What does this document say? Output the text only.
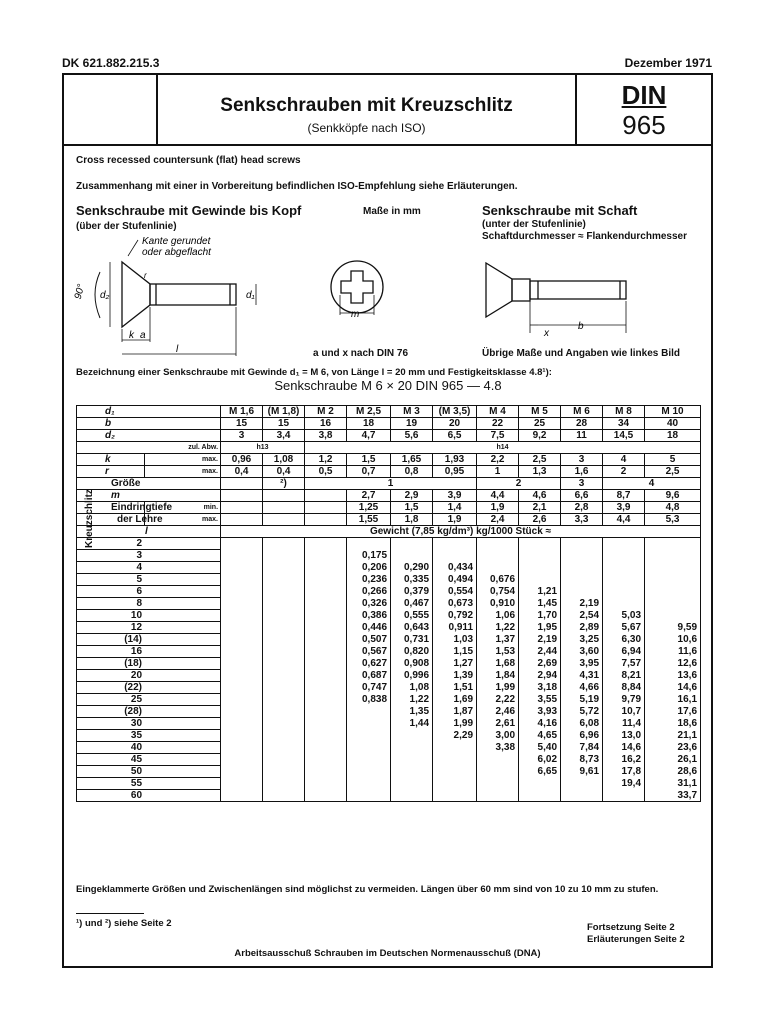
DK 621.882.215.3	Dezember 1971
Senkschrauben mit Kreuzschlitz
(Senkköpfe nach ISO)
DIN
965
Cross recessed countersunk (flat) head screws
Zusammenhang mit einer in Vorbereitung befindlichen ISO-Empfehlung siehe Erläuterungen.
Senkschraube mit Gewinde bis Kopf
(über der Stufenlinie)
Maße in mm	Senkschraube mit Schaft
(unter der Stufenlinie)
Schaftdurchmesser ≈ Flankendurchmesser
90° d₂	d₁
k a
l
r
Kante gerundet
oder abgeflacht
m
a und x nach DIN 76
x
b
Übrige Maße und Angaben wie linkes Bild
Bezeichnung einer Senkschraube mit Gewinde d₁ = M 6, von Länge l = 20 mm und Festigkeitsklasse 4.8¹):
Senkschraube M 6 × 20 DIN 965 — 4.8
d₁		M 1,6	(M 1,8)	M 2	M 2,5	M 3	(M 3,5)	M 4	M 5	M 6	M 8	M 10
b		15	15	16	18	19	20	22	25	28	34	40
d₂		3	3,4	3,8	4,7	5,6	6,5	7,5	9,2	11	14,5	18
zul. Abw.		h13		h14								
k	max.	0,96	1,08	1,2	1,5	1,65	1,93	2,2	2,5	3	4	5
r	max.	0,4	0,4	0,5	0,7	0,8	0,95	1	1,3	1,6	2	2,5
Größe			²)	1				2		3	4	
m					2,7	2,9	3,9	4,4	4,6	6,6	8,7	9,6
Eindringtiefe	min.				1,25	1,5	1,4	1,9	2,1	2,8	3,9	4,8
der Lehre	max.				1,55	1,8	1,9	2,4	2,6	3,3	4,4	5,3
l		Gewicht (7,85 kg/dm³) kg/1000 Stück ≈										
2												
3					0,175							
4					0,206	0,290	0,434					
5					0,236	0,335	0,494	0,676				
6					0,266	0,379	0,554	0,754	1,21			
8					0,326	0,467	0,673	0,910	1,45	2,19		
10					0,386	0,555	0,792	1,06	1,70	2,54	5,03	
12					0,446	0,643	0,911	1,22	1,95	2,89	5,67	9,59
(14)					0,507	0,731	1,03	1,37	2,19	3,25	6,30	10,6
16					0,567	0,820	1,15	1,53	2,44	3,60	6,94	11,6
(18)					0,627	0,908	1,27	1,68	2,69	3,95	7,57	12,6
20					0,687	0,996	1,39	1,84	2,94	4,31	8,21	13,6
(22)					0,747	1,08	1,51	1,99	3,18	4,66	8,84	14,6
25					0,838	1,22	1,69	2,22	3,55	5,19	9,79	16,1
(28)						1,35	1,87	2,46	3,93	5,72	10,7	17,6
30						1,44	1,99	2,61	4,16	6,08	11,4	18,6
35							2,29	3,00	4,65	6,96	13,0	21,1
40								3,38	5,40	7,84	14,6	23,6
45									6,02	8,73	16,2	26,1
50									6,65	9,61	17,8	28,6
55											19,4	31,1
60												33,7
Kreuzschlitz
Eingeklammerte Größen und Zwischenlängen sind möglichst zu vermeiden. Längen über 60 mm sind von 10 zu 10 mm zu stufen.
¹) und ²) siehe Seite 2	Fortsetzung Seite 2
Erläuterungen Seite 2
Arbeitsausschuß Schrauben im Deutschen Normenausschuß (DNA)
